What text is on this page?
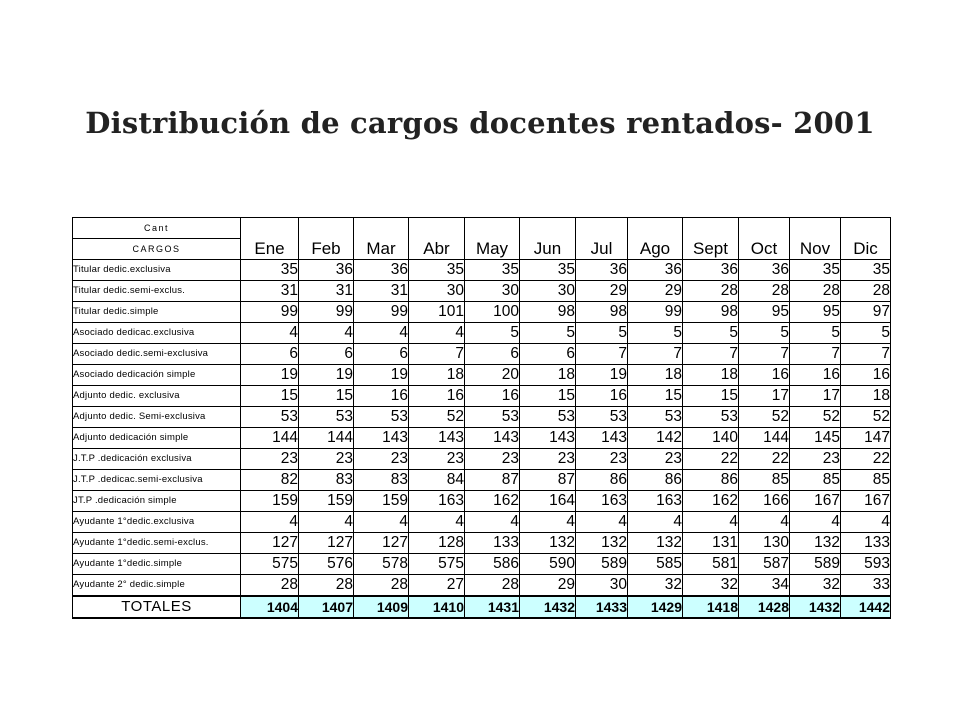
Distribución de cargos docentes rentados- 2001
Cant	Ene	Feb	Mar	Abr	May	Jun	Jul	Ago	Sept	Oct	Nov	Dic
CARGOS												
Titular dedic.exclusiva	35	36	36	35	35	35	36	36	36	36	35	35
Titular dedic.semi-exclus.	31	31	31	30	30	30	29	29	28	28	28	28
Titular dedic.simple	99	99	99	101	100	98	98	99	98	95	95	97
Asociado dedicac.exclusiva	4	4	4	4	5	5	5	5	5	5	5	5
Asociado dedic.semi-exclusiva	6	6	6	7	6	6	7	7	7	7	7	7
Asociado dedicación simple	19	19	19	18	20	18	19	18	18	16	16	16
Adjunto dedic. exclusiva	15	15	16	16	16	15	16	15	15	17	17	18
Adjunto dedic. Semi-exclusiva	53	53	53	52	53	53	53	53	53	52	52	52
Adjunto dedicación simple	144	144	143	143	143	143	143	142	140	144	145	147
J.T.P .dedicación exclusiva	23	23	23	23	23	23	23	23	22	22	23	22
J.T.P .dedicac.semi-exclusiva	82	83	83	84	87	87	86	86	86	85	85	85
JT.P .dedicación simple	159	159	159	163	162	164	163	163	162	166	167	167
Ayudante 1°dedic.exclusiva	4	4	4	4	4	4	4	4	4	4	4	4
Ayudante 1°dedic.semi-exclus.	127	127	127	128	133	132	132	132	131	130	132	133
Ayudante 1°dedic.simple	575	576	578	575	586	590	589	585	581	587	589	593
Ayudante 2° dedic.simple	28	28	28	27	28	29	30	32	32	34	32	33
TOTALES	1404	1407	1409	1410	1431	1432	1433	1429	1418	1428	1432	1442
